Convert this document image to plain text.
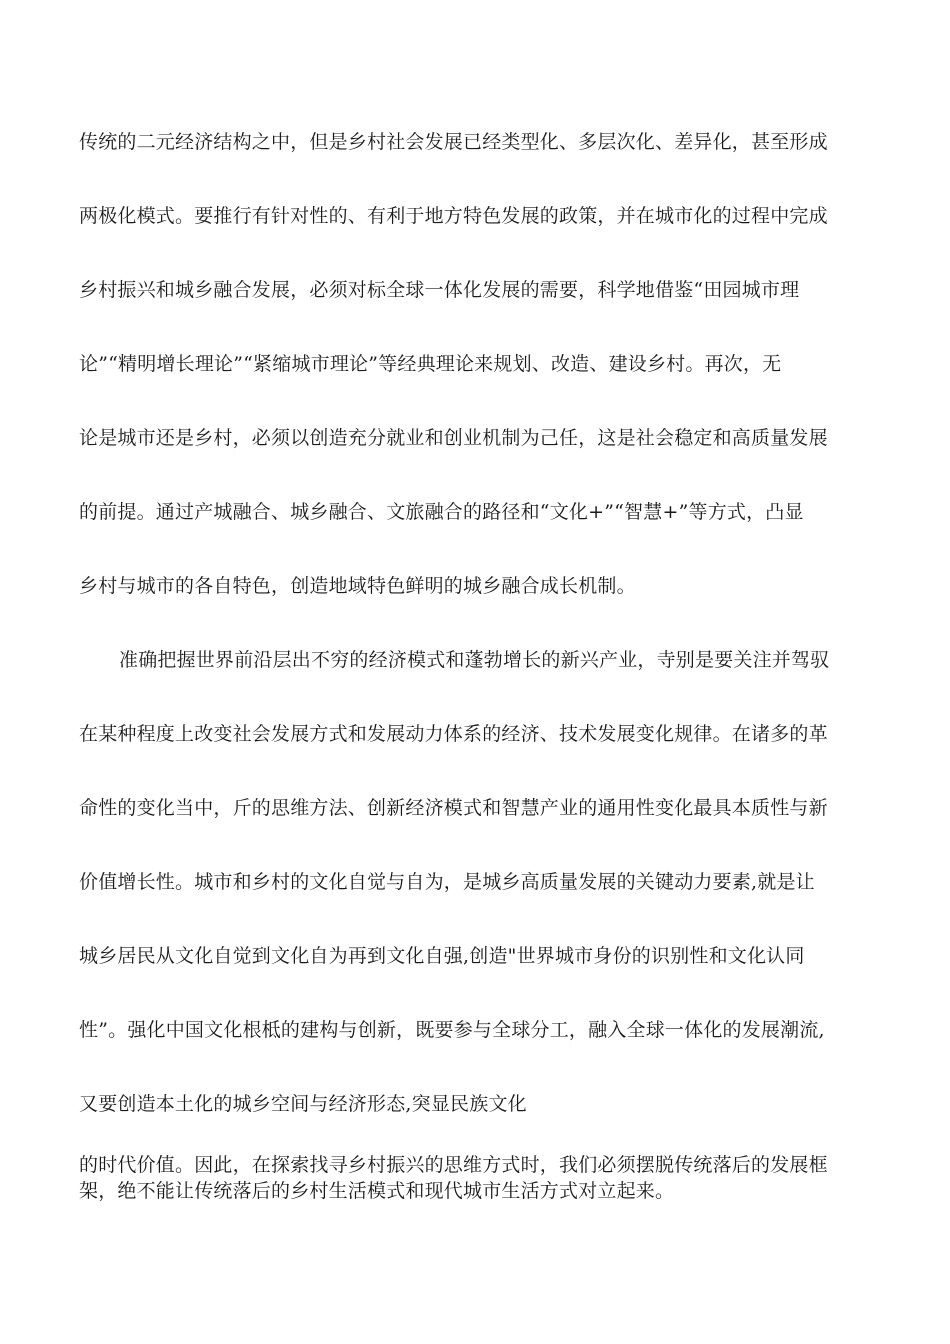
传统的二元经济结构之中，但是乡村社会发展已经类型化、多层次化、差异化，甚至形成
两极化模式。要推行有针对性的、有利于地方特色发展的政策，并在城市化的过程中完成
乡村振兴和城乡融合发展，必须对标全球一体化发展的需要，科学地借鉴“田园城市理
论”“精明增长理论”“紧缩城市理论”等经典理论来规划、改造、建设乡村。再次，无
论是城市还是乡村，必须以创造充分就业和创业机制为己任，这是社会稳定和高质量发展
的前提。通过产城融合、城乡融合、文旅融合的路径和“文化+”“智慧+”等方式，凸显
乡村与城市的各自特色，创造地域特色鲜明的城乡融合成长机制。
准确把握世界前沿层出不穷的经济模式和蓬勃增长的新兴产业，寺别是要关注并驾驭
在某种程度上改变社会发展方式和发展动力体系的经济、技术发展变化规律。在诸多的革
命性的变化当中，斤的思维方法、创新经济模式和智慧产业的通用性变化最具本质性与新
价值增长性。城市和乡村的文化自觉与自为，是城乡高质量发展的关键动力要素,就是让
城乡居民从文化自觉到文化自为再到文化自强,创造"世界城市身份的识别性和文化认同
性”。强化中国文化根柢的建构与创新，既要参与全球分工，融入全球一体化的发展潮流,
又要创造本土化的城乡空间与经济形态,突显民族文化
的时代价值。因此，在探索找寻乡村振兴的思维方式时，我们必须摆脱传统落后的发展框
架，绝不能让传统落后的乡村生活模式和现代城市生活方式对立起来。
